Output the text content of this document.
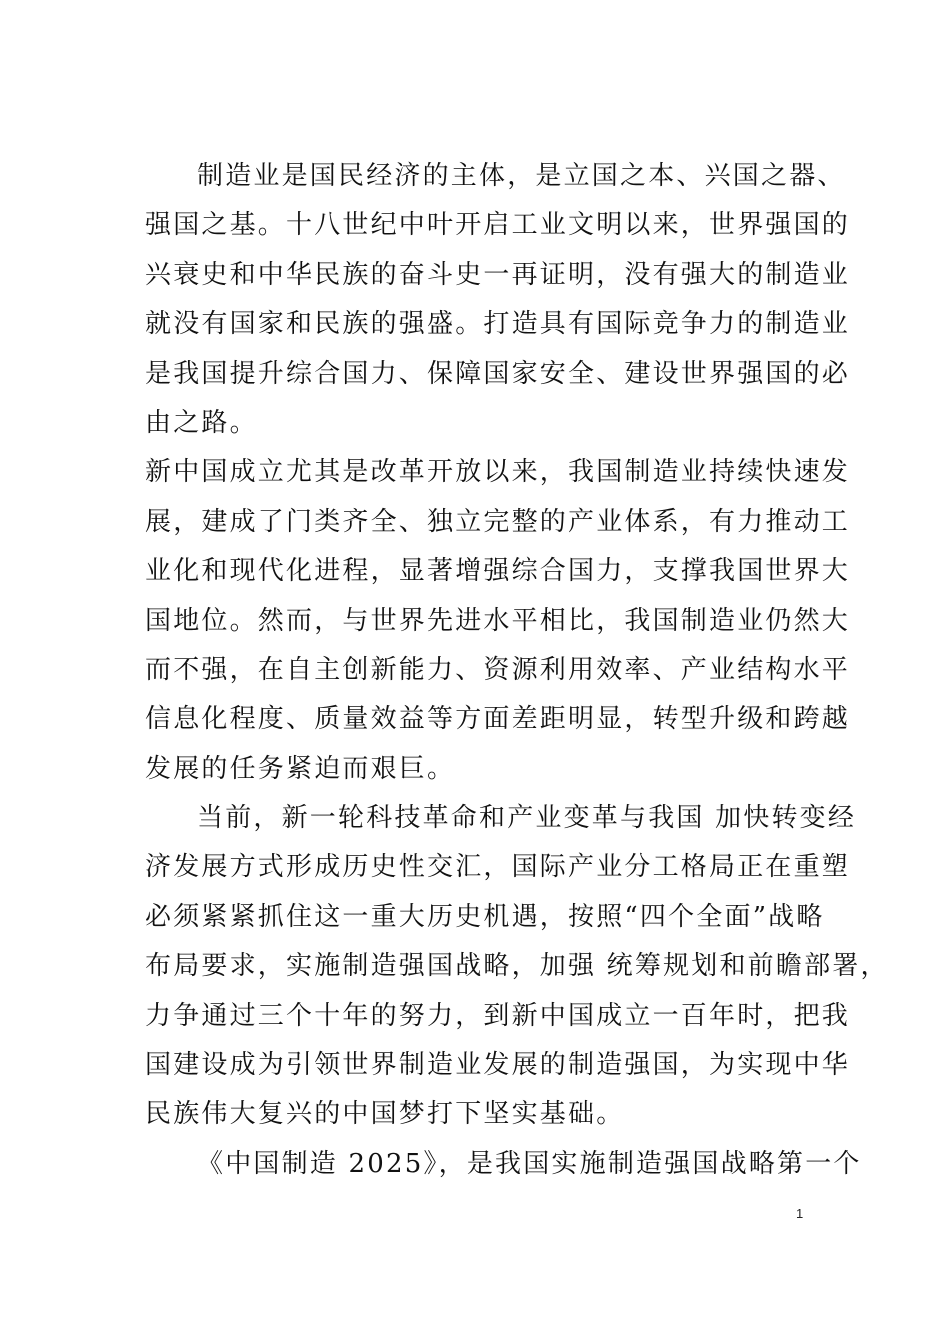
制造业是国民经济的主体，是立国之本、兴国之器、
强国之基。十八世纪中叶开启工业文明以来，世界强国的
兴衰史和中华民族的奋斗史一再证明，没有强大的制造业
就没有国家和民族的强盛。打造具有国际竞争力的制造业
是我国提升综合国力、保障国家安全、建设世界强国的必
由之路。
新中国成立尤其是改革开放以来，我国制造业持续快速发
展，建成了门类齐全、独立完整的产业体系，有力推动工
业化和现代化进程，显著增强综合国力，支撑我国世界大
国地位。然而，与世界先进水平相比，我国制造业仍然大
而不强，在自主创新能力、资源利用效率、产业结构水平
信息化程度、质量效益等方面差距明显，转型升级和跨越
发展的任务紧迫而艰巨。
当前，新一轮科技革命和产业变革与我国 加快转变经
济发展方式形成历史性交汇，国际产业分工格局正在重塑
必须紧紧抓住这一重大历史机遇，按照“四个全面”战略
布局要求，实施制造强国战略，加强 统筹规划和前瞻部署，
力争通过三个十年的努力，到新中国成立一百年时，把我
国建设成为引领世界制造业发展的制造强国，为实现中华
民族伟大复兴的中国梦打下坚实基础。
《中国制造 2025》，是我国实施制造强国战略第一个
1
